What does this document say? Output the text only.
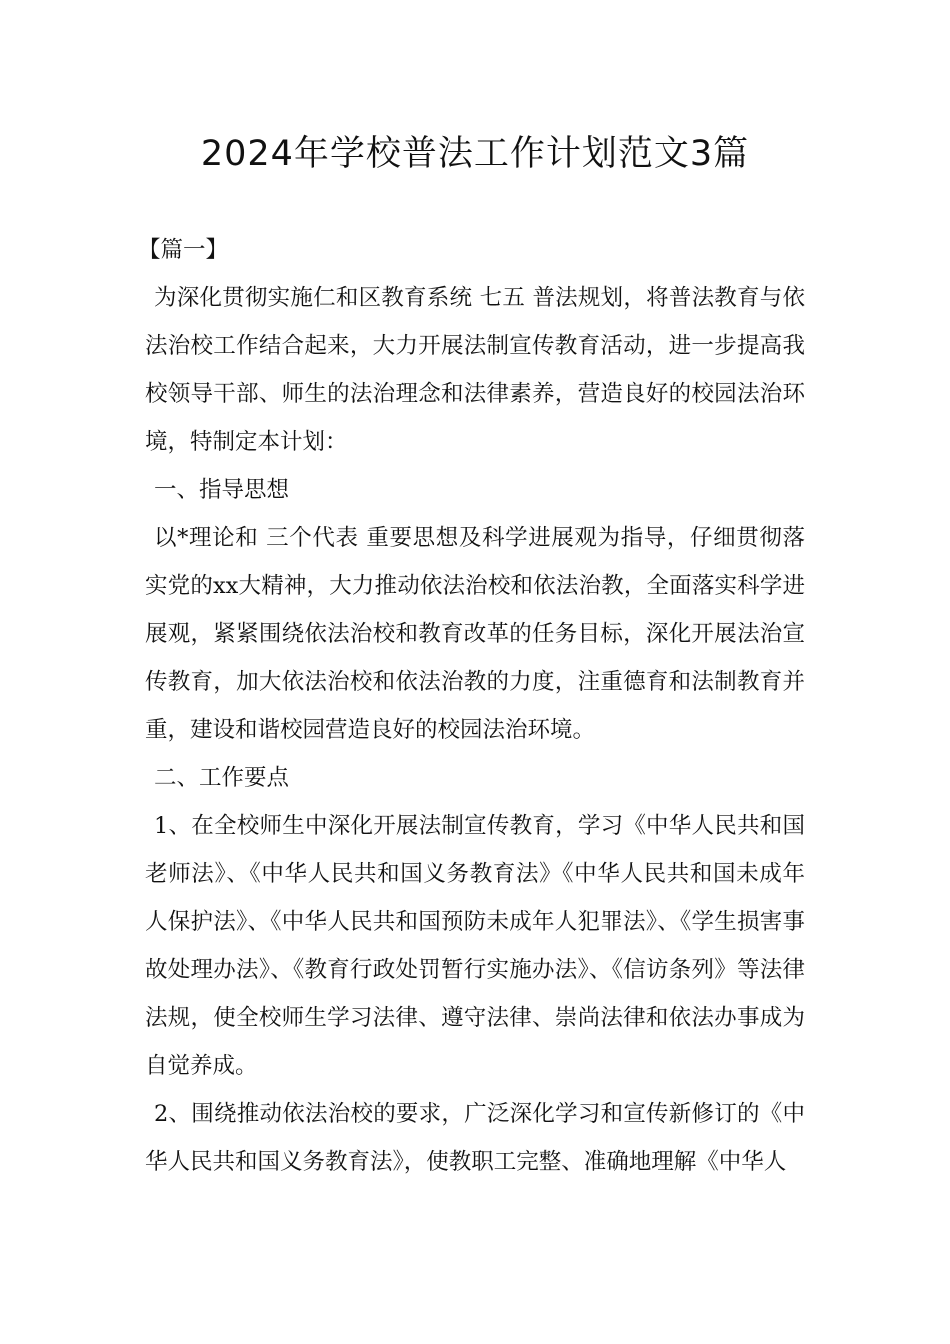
2024年学校普法工作计划范文3篇

【篇一】

为深化贯彻实施仁和区教育系统 七五 普法规划，将普法教育与依法治校工作结合起来，大力开展法制宣传教育活动，进一步提高我校领导干部、师生的法治理念和法律素养，营造良好的校园法治环境，特制定本计划：

一、指导思想

以*理论和 三个代表 重要思想及科学进展观为指导，仔细贯彻落实党的xx大精神，大力推动依法治校和依法治教，全面落实科学进展观，紧紧围绕依法治校和教育改革的任务目标，深化开展法治宣传教育，加大依法治校和依法治教的力度，注重德育和法制教育并重，建设和谐校园营造良好的校园法治环境。

二、工作要点

1、在全校师生中深化开展法制宣传教育，学习《中华人民共和国老师法》、《中华人民共和国义务教育法》《中华人民共和国未成年人保护法》、《中华人民共和国预防未成年人犯罪法》、《学生损害事故处理办法》、《教育行政处罚暂行实施办法》、《信访条列》等法律法规，使全校师生学习法律、遵守法律、崇尚法律和依法办事成为自觉养成。

2、围绕推动依法治校的要求，广泛深化学习和宣传新修订的《中华人民共和国义务教育法》，使教职工完整、准确地理解《中华人
